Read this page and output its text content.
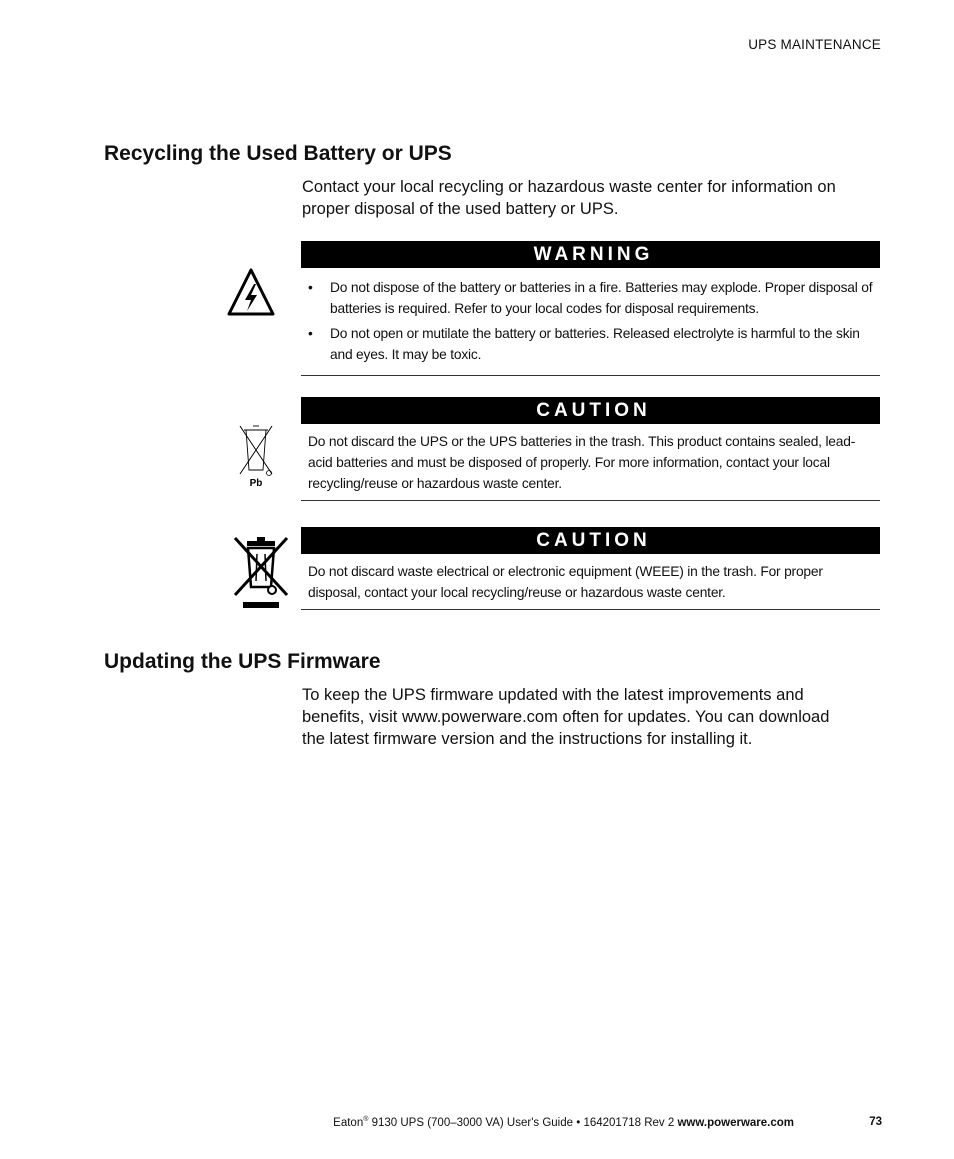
UPS MAINTENANCE
Recycling the Used Battery or UPS

Contact your local recycling or hazardous waste center for information on proper disposal of the used battery or UPS.

WARNING
• Do not dispose of the battery or batteries in a fire. Batteries may explode. Proper disposal of batteries is required. Refer to your local codes for disposal requirements.
• Do not open or mutilate the battery or batteries. Released electrolyte is harmful to the skin and eyes. It may be toxic.
Pb
CAUTION

Do not discard the UPS or the UPS batteries in the trash. This product contains sealed, lead-acid batteries and must be disposed of properly. For more information, contact your local recycling/reuse or hazardous waste center.

CAUTION

Do not discard waste electrical or electronic equipment (WEEE) in the trash. For proper disposal, contact your local recycling/reuse or hazardous waste center.

Updating the UPS Firmware

To keep the UPS firmware updated with the latest improvements and benefits, visit www.powerware.com often for updates. You can download the latest firmware version and the instructions for installing it.

Eaton® 9130 UPS (700–3000 VA) User's Guide • 164201718 Rev 2 www.powerware.com	73
